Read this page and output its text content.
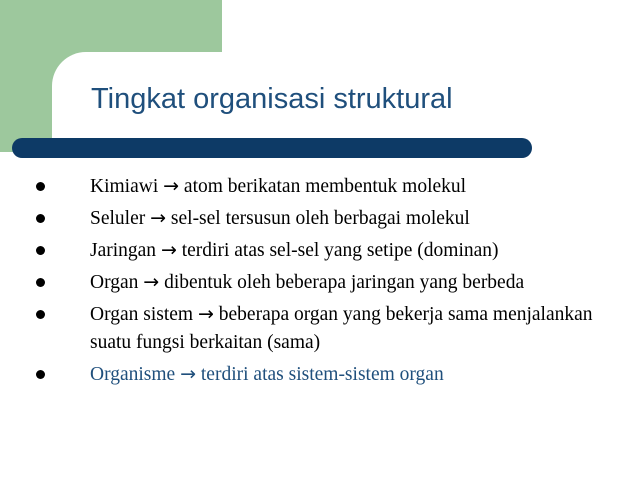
Tingkat organisasi struktural
Kimiawi → atom berikatan membentuk molekul
Seluler → sel-sel tersusun oleh berbagai molekul
Jaringan → terdiri atas sel-sel yang setipe (dominan)
Organ → dibentuk oleh beberapa jaringan yang berbeda
Organ sistem → beberapa organ yang bekerja sama menjalankan suatu fungsi berkaitan (sama)
Organisme → terdiri atas sistem-sistem organ
